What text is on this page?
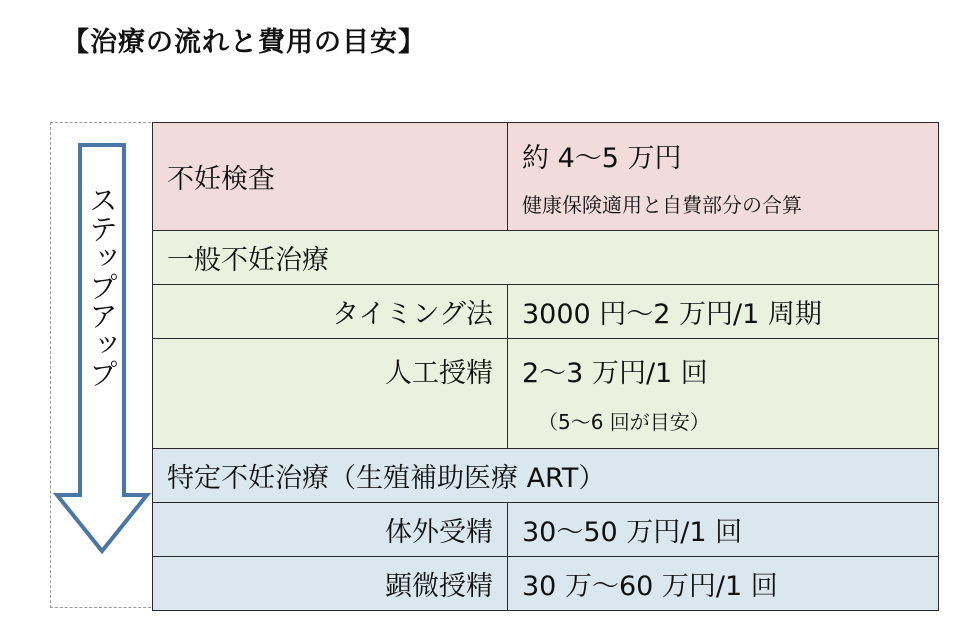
【治療の流れと費用の目安】
ステップアップ
不妊検査	約 4～5 万円
健康保険適用と自費部分の合算

一般不妊治療	
タイミング法	3000 円～2 万円/1 周期
人工授精	2～3 万円/1 回
（5～6 回が目安）

特定不妊治療（生殖補助医療 ART）	
体外受精	30～50 万円/1 回
顕微授精	30 万～60 万円/1 回
